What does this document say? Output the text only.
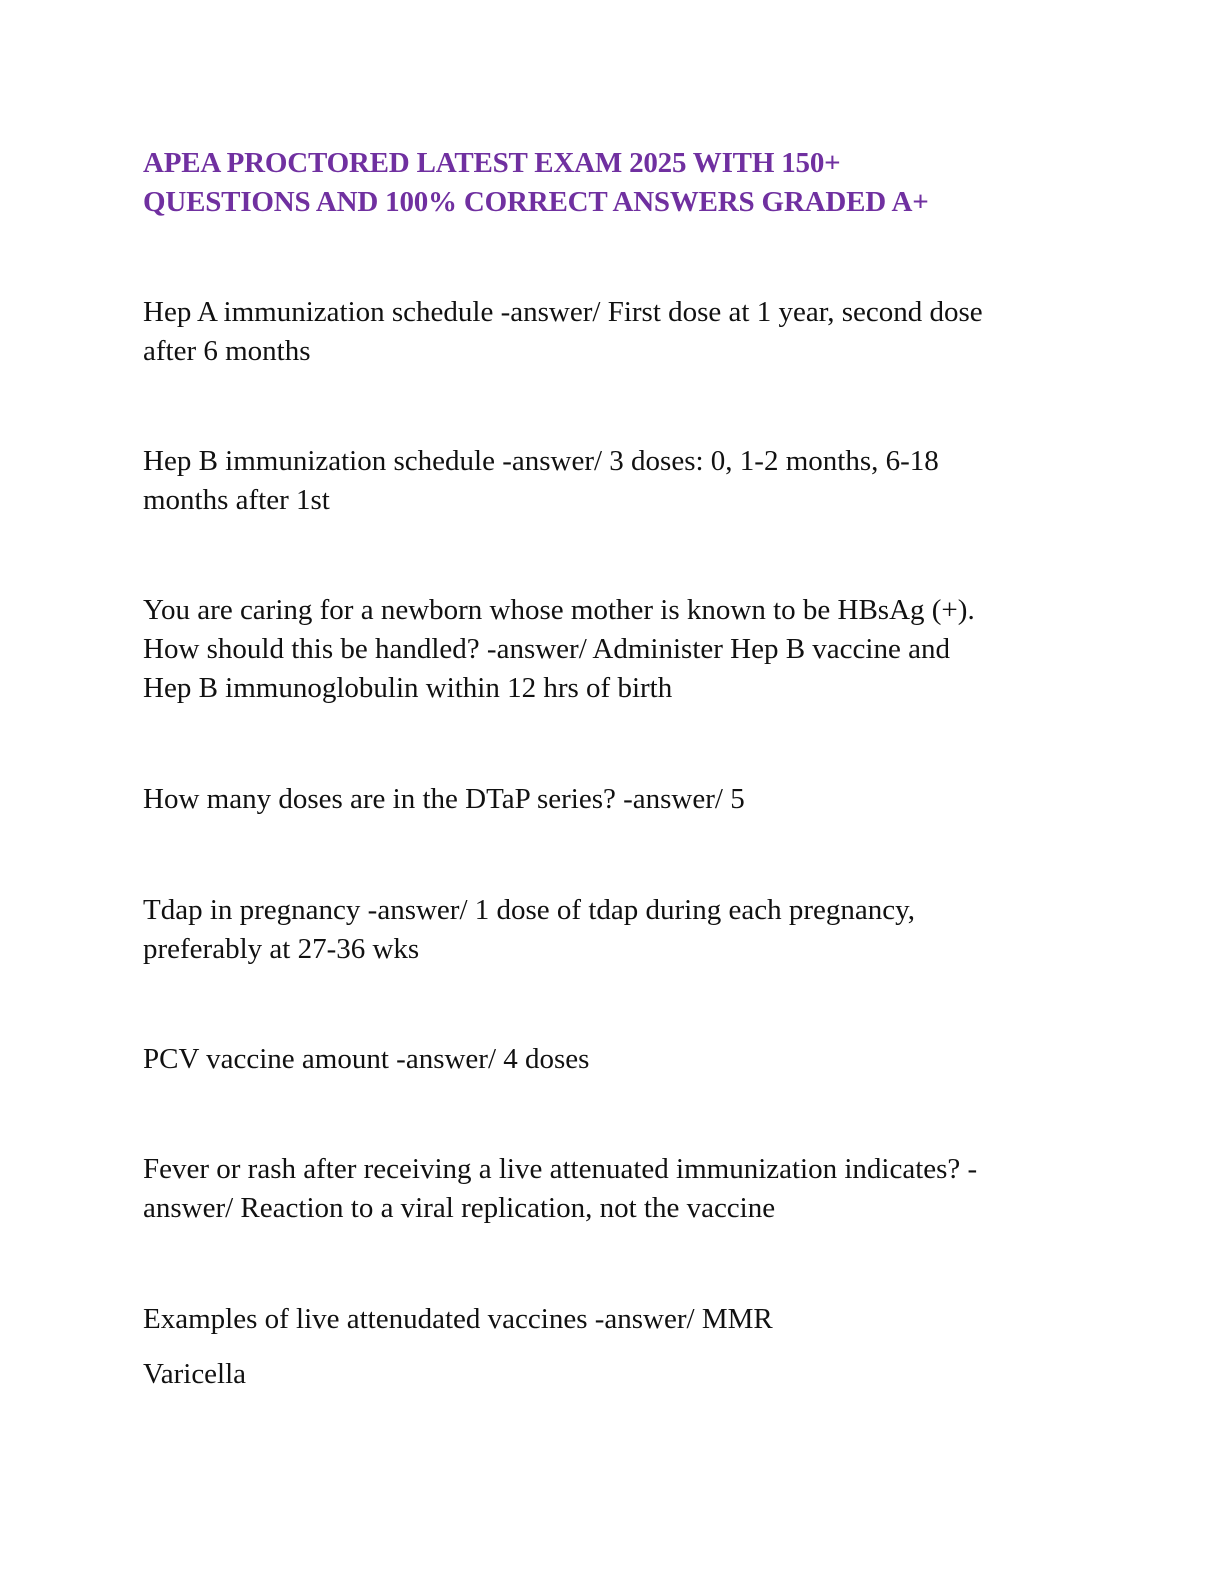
APEA PROCTORED LATEST EXAM 2025 WITH 150+
QUESTIONS AND 100% CORRECT ANSWERS GRADED A+

Hep A immunization schedule -answer/ First dose at 1 year, second dose
after 6 months

Hep B immunization schedule -answer/ 3 doses: 0, 1-2 months, 6-18
months after 1st

You are caring for a newborn whose mother is known to be HBsAg (+).
How should this be handled? -answer/ Administer Hep B vaccine and
Hep B immunoglobulin within 12 hrs of birth

How many doses are in the DTaP series? -answer/ 5

Tdap in pregnancy -answer/ 1 dose of tdap during each pregnancy,
preferably at 27-36 wks

PCV vaccine amount -answer/ 4 doses

Fever or rash after receiving a live attenuated immunization indicates? -
answer/ Reaction to a viral replication, not the vaccine

Examples of live attenudated vaccines -answer/ MMR

Varicella
